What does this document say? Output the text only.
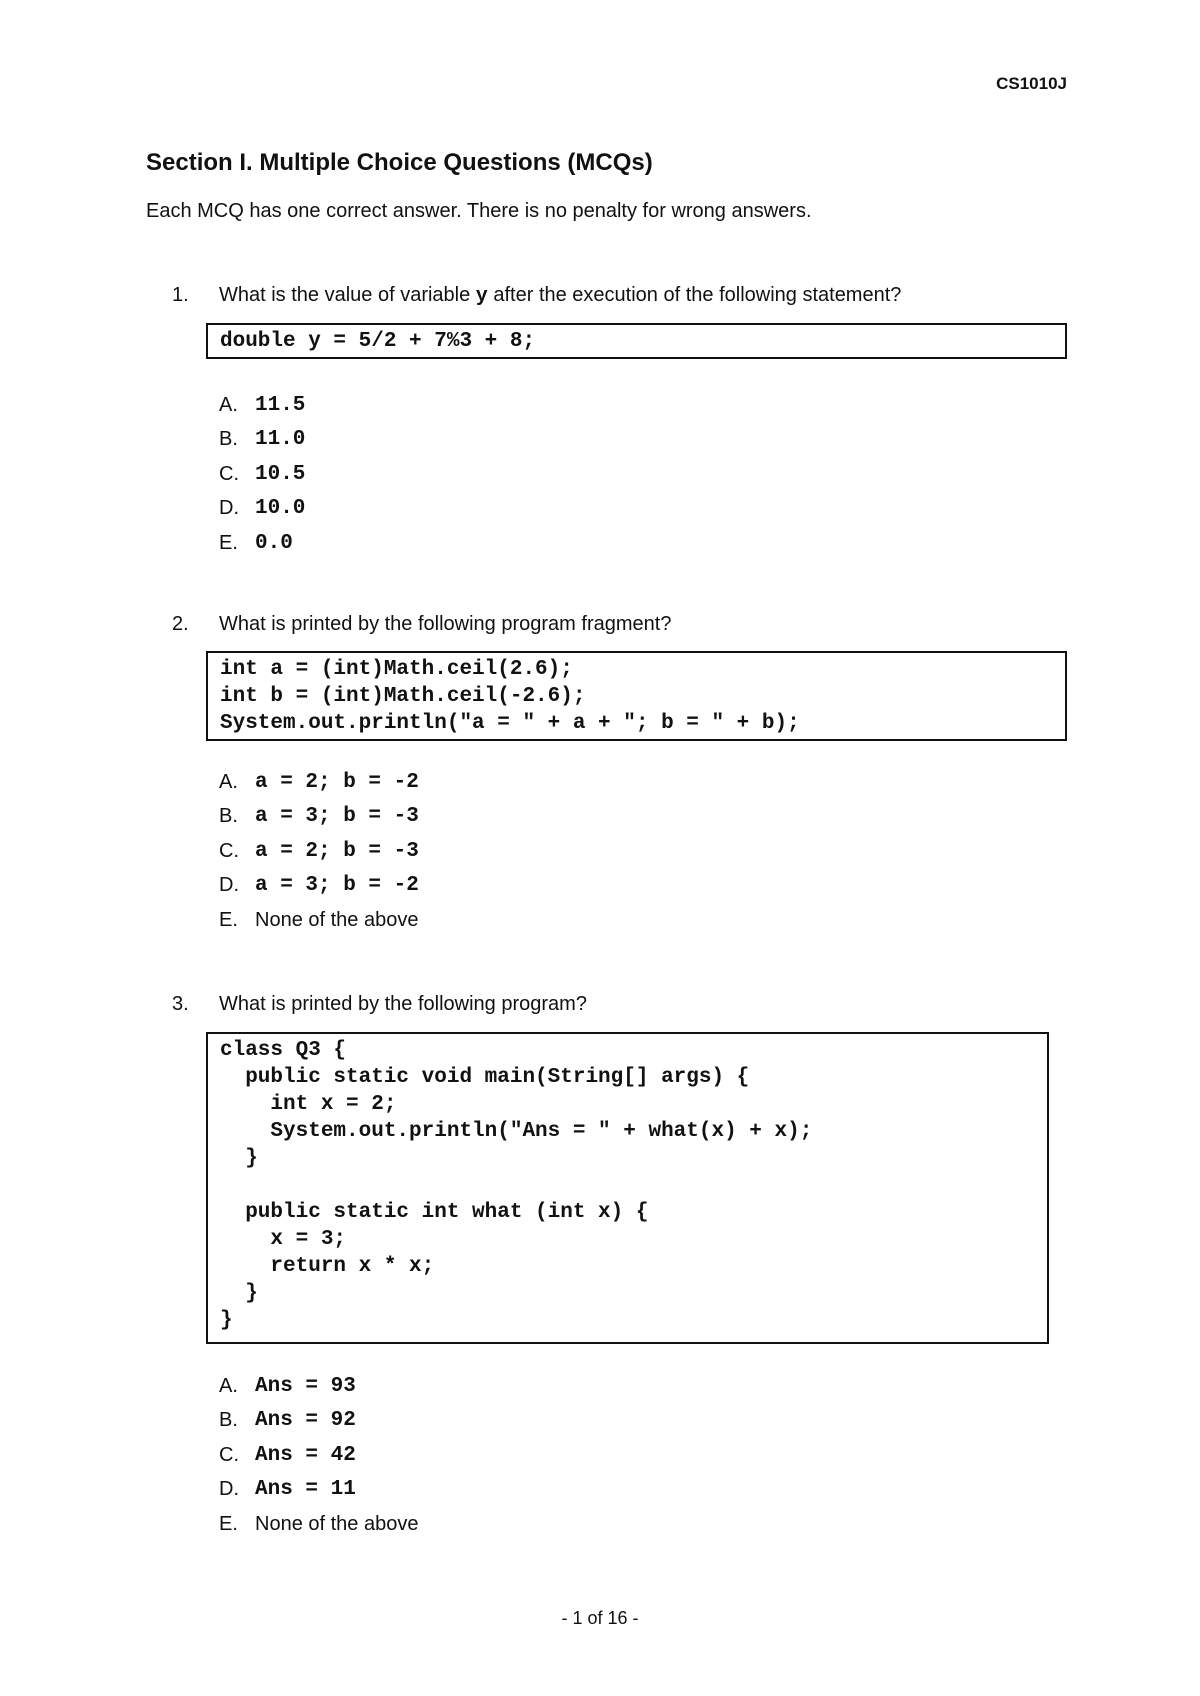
CS1010J
Section I. Multiple Choice Questions (MCQs)

Each MCQ has one correct answer. There is no penalty for wrong answers.

1. What is the value of variable y after the execution of the following statement?
double y = 5/2 + 7%3 + 8;
A. 11.5
B. 11.0
C. 10.5
D. 10.0
E. 0.0
2. What is printed by the following program fragment?
int a = (int)Math.ceil(2.6);
int b = (int)Math.ceil(-2.6);
System.out.println("a = " + a + "; b = " + b);
A. a = 2; b = -2
B. a = 3; b = -3
C. a = 2; b = -3
D. a = 3; b = -2
E. None of the above
3. What is printed by the following program?
class Q3 {
public static void main(String[] args) {
int x = 2;
System.out.println("Ans = " + what(x) + x);
}

public static int what (int x) {
x = 3;
return x * x;
}
}
A. Ans = 93
B. Ans = 92
C. Ans = 42
D. Ans = 11
E. None of the above
- 1 of 16 -
